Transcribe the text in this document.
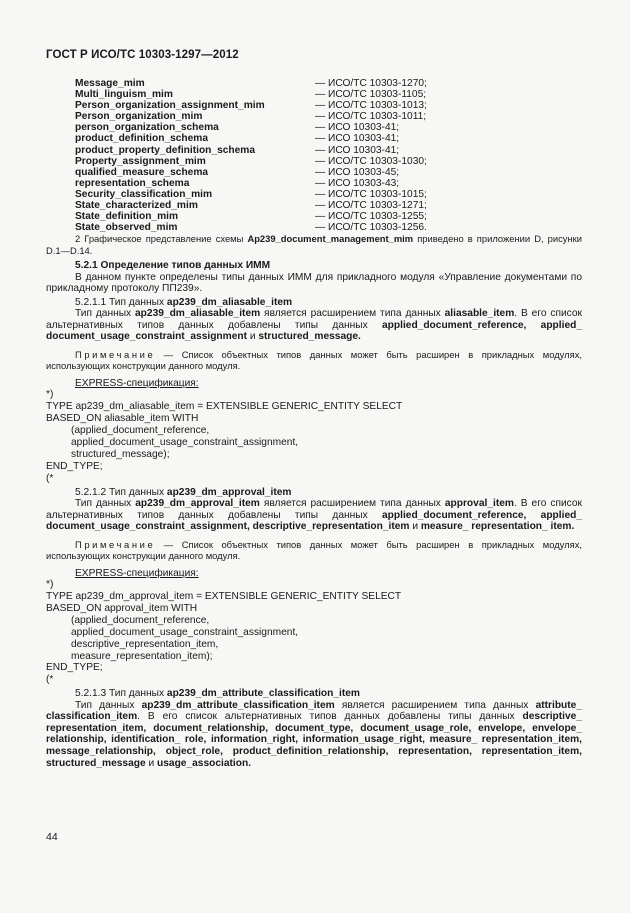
ГОСТ Р ИСО/ТС 10303-1297—2012
Message_mim	— ИСО/ТС 10303-1270;
Multi_linguism_mim	— ИСО/ТС 10303-1105;
Person_organization_assignment_mim	— ИСО/ТС 10303-1013;
Person_organization_mim	— ИСО/ТС 10303-1011;
person_organization_schema	— ИСО 10303-41;
product_definition_schema	— ИСО 10303-41;
product_property_definition_schema	— ИСО 10303-41;
Property_assignment_mim	— ИСО/ТС 10303-1030;
qualified_measure_schema	— ИСО 10303-45;
representation_schema	— ИСО 10303-43;
Security_classification_mim	— ИСО/ТС 10303-1015;
State_characterized_mim	— ИСО/ТС 10303-1271;
State_definition_mim	— ИСО/ТС 10303-1255;
State_observed_mim	— ИСО/ТС 10303-1256.

2 Графическое представление схемы Ap239_document_management_mim приведено в приложении D, рисунки D.1—D.14.

5.2.1 Определение типов данных ИММ

В данном пункте определены типы данных ИММ для прикладного модуля «Управление документами по прикладному протоколу ПП239».

5.2.1.1 Тип данных ap239_dm_aliasable_item

Тип данных ap239_dm_aliasable_item является расширением типа данных aliasable_item. В его список альтернативных типов данных добавлены типы данных applied_document_reference, applied_ document_usage_constraint_assignment и structured_message.

Примечание — Список объектных типов данных может быть расширен в прикладных модулях, использующих конструкции данного модуля.

EXPRESS-спецификация:
*)
TYPE ap239_dm_aliasable_item = EXTENSIBLE GENERIC_ENTITY SELECT
BASED_ON aliasable_item WITH
(applied_document_reference,
applied_document_usage_constraint_assignment,
structured_message);
END_TYPE;
(*
5.2.1.2 Тип данных ap239_dm_approval_item

Тип данных ap239_dm_approval_item является расширением типа данных approval_item. В его список альтернативных типов данных добавлены типы данных applied_document_reference, applied_ document_usage_constraint_assignment, descriptive_representation_item и measure_ representation_ item.

Примечание — Список объектных типов данных может быть расширен в прикладных модулях, использующих конструкции данного модуля.

EXPRESS-спецификация:
*)
TYPE ap239_dm_approval_item = EXTENSIBLE GENERIC_ENTITY SELECT
BASED_ON approval_item WITH
(applied_document_reference,
applied_document_usage_constraint_assignment,
descriptive_representation_item,
measure_representation_item);
END_TYPE;
(*
5.2.1.3 Тип данных ap239_dm_attribute_classification_item

Тип данных ap239_dm_attribute_classification_item является расширением типа данных attribute_ classification_item. В его список альтернативных типов данных добавлены типы данных descriptive_ representation_item, document_relationship, document_type, document_usage_role, envelope, envelope_ relationship, identification_ role, information_right, information_usage_right, measure_ representation_item, message_relationship, object_role, product_definition_relationship, representation, representation_item, structured_message и usage_association.

44
